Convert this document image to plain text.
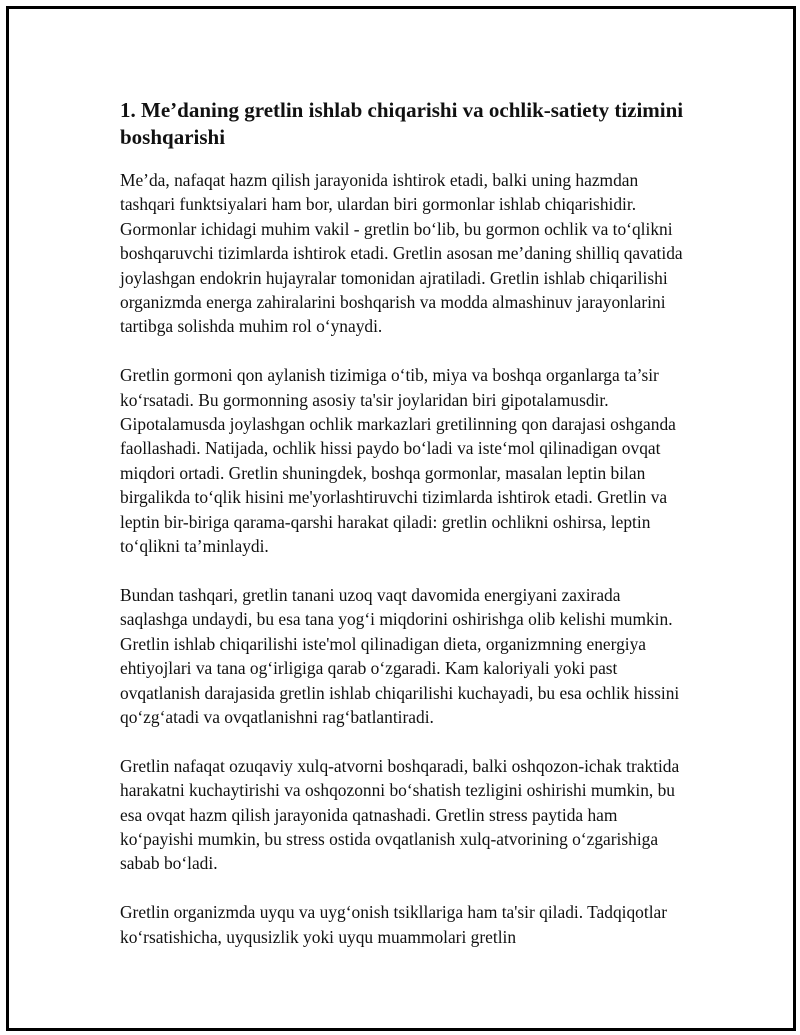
1. Me’daning gretlin ishlab chiqarishi va ochlik-satiety tizimini boshqarishi

Me’da, nafaqat hazm qilish jarayonida ishtirok etadi, balki uning hazmdan tashqari funktsiyalari ham bor, ulardan biri gormonlar ishlab chiqarishidir. Gormonlar ichidagi muhim vakil - gretlin bo‘lib, bu gormon ochlik va to‘qlikni boshqaruvchi tizimlarda ishtirok etadi. Gretlin asosan me’daning shilliq qavatida joylashgan endokrin hujayralar tomonidan ajratiladi. Gretlin ishlab chiqarilishi organizmda energa zahiralarini boshqarish va modda almashinuv jarayonlarini tartibga solishda muhim rol o‘ynaydi.

Gretlin gormoni qon aylanish tizimiga o‘tib, miya va boshqa organlarga ta’sir ko‘rsatadi. Bu gormonning asosiy ta'sir joylaridan biri gipotalamusdir. Gipotalamusda joylashgan ochlik markazlari gretilinning qon darajasi oshganda faollashadi. Natijada, ochlik hissi paydo bo‘ladi va iste‘mol qilinadigan ovqat miqdori ortadi. Gretlin shuningdek, boshqa gormonlar, masalan leptin bilan birgalikda to‘qlik hisini me'yorlashtiruvchi tizimlarda ishtirok etadi. Gretlin va leptin bir-biriga qarama-qarshi harakat qiladi: gretlin ochlikni oshirsa, leptin to‘qlikni ta’minlaydi.

Bundan tashqari, gretlin tanani uzoq vaqt davomida energiyani zaxirada saqlashga undaydi, bu esa tana yog‘i miqdorini oshirishga olib kelishi mumkin. Gretlin ishlab chiqarilishi iste'mol qilinadigan dieta, organizmning energiya ehtiyojlari va tana og‘irligiga qarab o‘zgaradi. Kam kaloriyali yoki past ovqatlanish darajasida gretlin ishlab chiqarilishi kuchayadi, bu esa ochlik hissini qo‘zg‘atadi va ovqatlanishni rag‘batlantiradi.

Gretlin nafaqat ozuqaviy xulq-atvorni boshqaradi, balki oshqozon-ichak traktida harakatni kuchaytirishi va oshqozonni bo‘shatish tezligini oshirishi mumkin, bu esa ovqat hazm qilish jarayonida qatnashadi. Gretlin stress paytida ham ko‘payishi mumkin, bu stress ostida ovqatlanish xulq-atvorining o‘zgarishiga sabab bo‘ladi.

Gretlin organizmda uyqu va uyg‘onish tsikllariga ham ta'sir qiladi. Tadqiqotlar ko‘rsatishicha, uyqusizlik yoki uyqu muammolari gretlin
